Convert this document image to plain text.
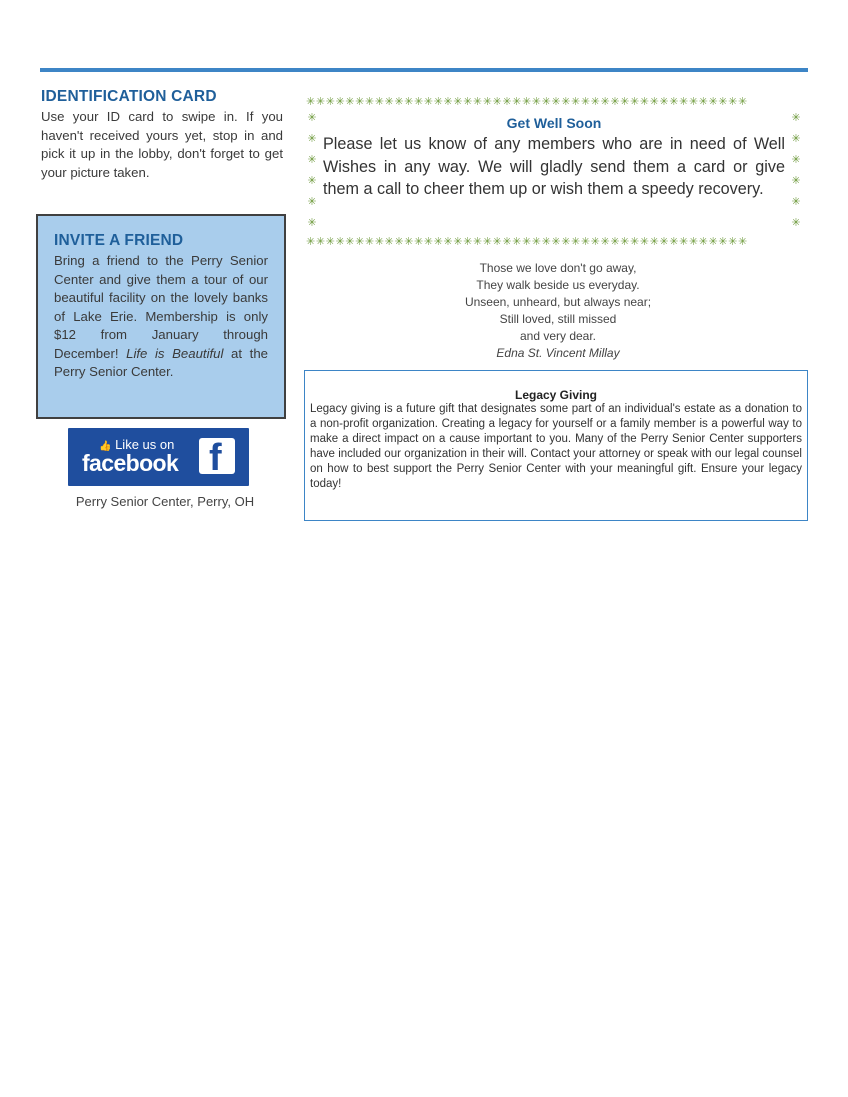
IDENTIFICATION CARD

Use your ID card to swipe in. If you haven't received yours yet, stop in and pick it up in the lobby, don't forget to get your picture taken.

INVITE A FRIEND

Bring a friend to the Perry Senior Center and give them a tour of our beautiful facility on the lovely banks of Lake Erie. Membership is only $12 from January through December! Life is Beautiful at the Perry Senior Center.

👍 Like us on
facebook f
Perry Senior Center, Perry, OH
✳✳✳✳✳✳✳✳✳✳✳✳✳✳✳✳✳✳✳✳✳✳✳✳✳✳✳✳✳✳✳✳✳✳✳✳✳✳✳✳✳✳✳✳✳
✳✳✳✳✳✳✳✳✳✳✳✳✳✳✳✳✳✳✳✳✳✳✳✳✳✳✳✳✳✳✳✳✳✳✳✳✳✳✳✳✳✳✳✳✳
✳
✳
✳
✳
✳
✳

✳
✳
✳
✳
✳
✳

Get Well Soon

Please let us know of any members who are in need of Well Wishes in any way. We will gladly send them a card or give them a call to cheer them up or wish them a speedy recovery.

Those we love don't go away,
They walk beside us everyday.
Unseen, unheard, but always near;
Still loved, still missed
and very dear.
Edna St. Vincent Millay
Legacy Giving

Legacy giving is a future gift that designates some part of an individual's estate as a donation to a non-profit organization. Creating a legacy for yourself or a family member is a powerful way to make a direct impact on a cause important to you. Many of the Perry Senior Center supporters have included our organization in their will. Contact your attorney or speak with our legal counsel on how to best support the Perry Senior Center with your meaningful gift. Ensure your legacy today!
